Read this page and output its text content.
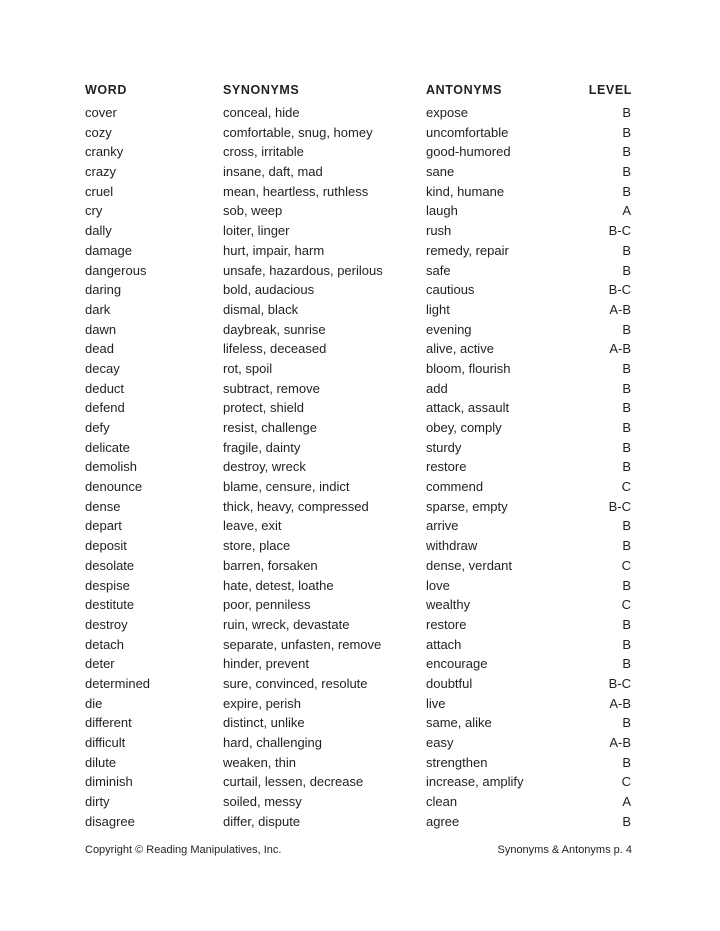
WORD	SYNONYMS	ANTONYMS	LEVEL
cover	conceal, hide	expose	B
cozy	comfortable, snug, homey	uncomfortable	B
cranky	cross, irritable	good-humored	B
crazy	insane, daft, mad	sane	B
cruel	mean, heartless, ruthless	kind, humane	B
cry	sob, weep	laugh	A
dally	loiter, linger	rush	B-C
damage	hurt, impair, harm	remedy, repair	B
dangerous	unsafe, hazardous, perilous	safe	B
daring	bold, audacious	cautious	B-C
dark	dismal, black	light	A-B
dawn	daybreak, sunrise	evening	B
dead	lifeless, deceased	alive, active	A-B
decay	rot, spoil	bloom, flourish	B
deduct	subtract, remove	add	B
defend	protect, shield	attack, assault	B
defy	resist, challenge	obey, comply	B
delicate	fragile, dainty	sturdy	B
demolish	destroy, wreck	restore	B
denounce	blame, censure, indict	commend	C
dense	thick, heavy, compressed	sparse, empty	B-C
depart	leave, exit	arrive	B
deposit	store, place	withdraw	B
desolate	barren, forsaken	dense, verdant	C
despise	hate, detest, loathe	love	B
destitute	poor, penniless	wealthy	C
destroy	ruin, wreck, devastate	restore	B
detach	separate, unfasten, remove	attach	B
deter	hinder, prevent	encourage	B
determined	sure, convinced, resolute	doubtful	B-C
die	expire, perish	live	A-B
different	distinct, unlike	same, alike	B
difficult	hard, challenging	easy	A-B
dilute	weaken, thin	strengthen	B
diminish	curtail, lessen, decrease	increase, amplify	C
dirty	soiled, messy	clean	A
disagree	differ, dispute	agree	B
Copyright © Reading Manipulatives, Inc.	Synonyms & Antonyms p. 4
